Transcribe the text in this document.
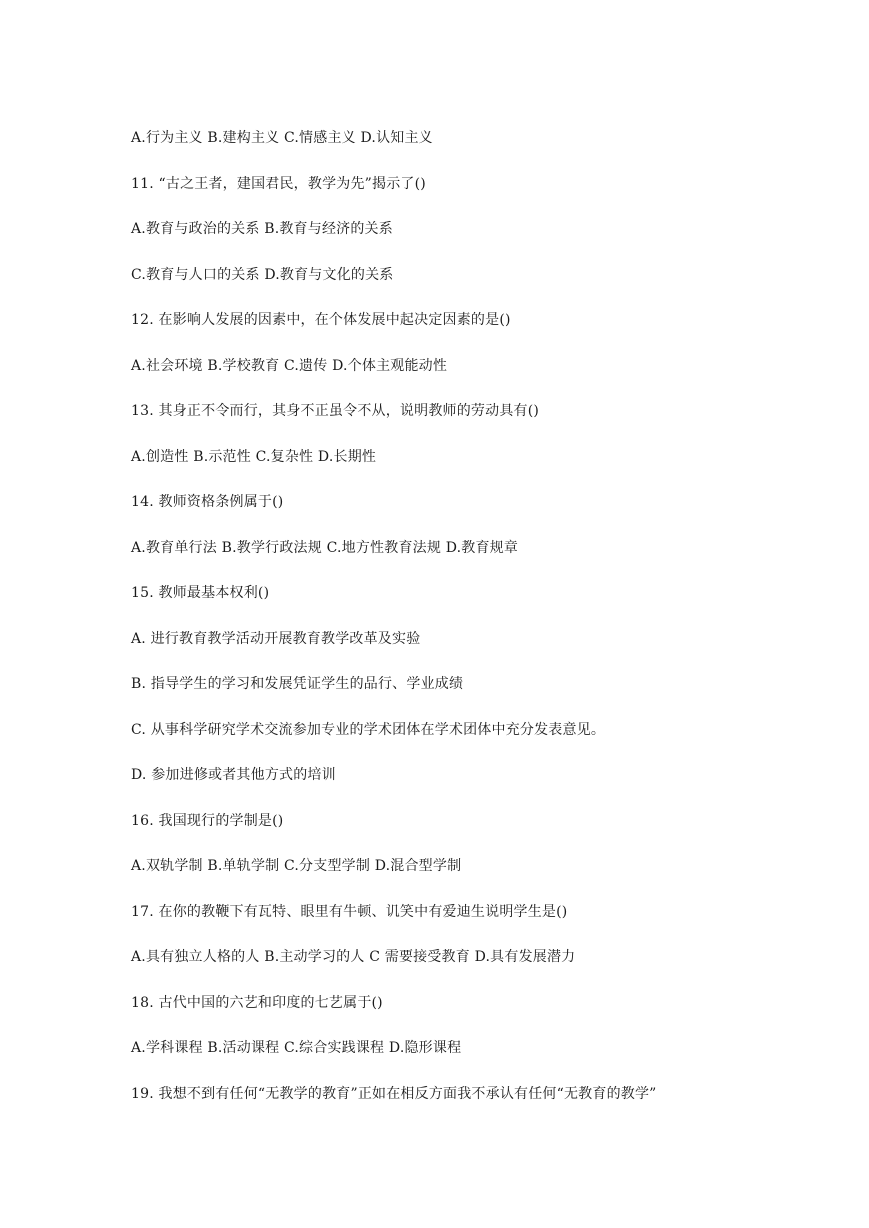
A.行为主义 B.建构主义 C.情感主义 D.认知主义
11. “古之王者，建国君民，教学为先”揭示了()
A.教育与政治的关系 B.教育与经济的关系
C.教育与人口的关系 D.教育与文化的关系
12. 在影响人发展的因素中，在个体发展中起决定因素的是()
A.社会环境 B.学校教育 C.遗传 D.个体主观能动性
13. 其身正不令而行，其身不正虽令不从，说明教师的劳动具有()
A.创造性 B.示范性 C.复杂性 D.长期性
14. 教师资格条例属于()
A.教育单行法 B.教学行政法规 C.地方性教育法规 D.教育规章
15. 教师最基本权利()
A. 进行教育教学活动开展教育教学改革及实验
B. 指导学生的学习和发展凭证学生的品行、学业成绩
C. 从事科学研究学术交流参加专业的学术团体在学术团体中充分发表意见。
D. 参加进修或者其他方式的培训
16. 我国现行的学制是()
A.双轨学制 B.单轨学制 C.分支型学制 D.混合型学制
17. 在你的教鞭下有瓦特、眼里有牛顿、讥笑中有爱迪生说明学生是()
A.具有独立人格的人 B.主动学习的人 C 需要接受教育 D.具有发展潜力
18. 古代中国的六艺和印度的七艺属于()
A.学科课程 B.活动课程 C.综合实践课程 D.隐形课程
19. 我想不到有任何“无教学的教育”正如在相反方面我不承认有任何“无教育的教学”
